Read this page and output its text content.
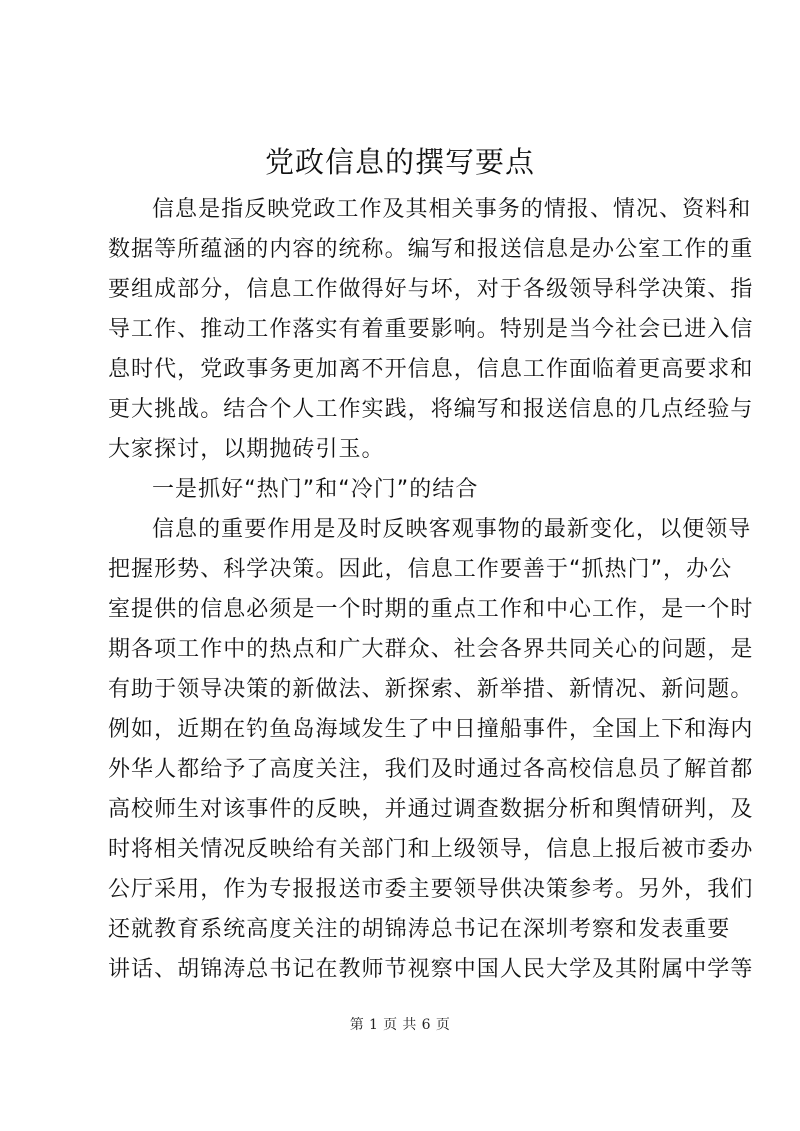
党政信息的撰写要点
信息是指反映党政工作及其相关事务的情报、情况、资料和
数据等所蕴涵的内容的统称。编写和报送信息是办公室工作的重
要组成部分，信息工作做得好与坏，对于各级领导科学决策、指
导工作、推动工作落实有着重要影响。特别是当今社会已进入信
息时代，党政事务更加离不开信息，信息工作面临着更高要求和
更大挑战。结合个人工作实践，将编写和报送信息的几点经验与
大家探讨，以期抛砖引玉。
一是抓好“热门”和“冷门”的结合
信息的重要作用是及时反映客观事物的最新变化，以便领导
把握形势、科学决策。因此，信息工作要善于“抓热门”，办公
室提供的信息必须是一个时期的重点工作和中心工作，是一个时
期各项工作中的热点和广大群众、社会各界共同关心的问题，是
有助于领导决策的新做法、新探索、新举措、新情况、新问题。
例如，近期在钓鱼岛海域发生了中日撞船事件，全国上下和海内
外华人都给予了高度关注，我们及时通过各高校信息员了解首都
高校师生对该事件的反映，并通过调查数据分析和舆情研判，及
时将相关情况反映给有关部门和上级领导，信息上报后被市委办
公厅采用，作为专报报送市委主要领导供决策参考。另外，我们
还就教育系统高度关注的胡锦涛总书记在深圳考察和发表重要
讲话、胡锦涛总书记在教师节视察中国人民大学及其附属中学等
第 1 页 共 6 页
